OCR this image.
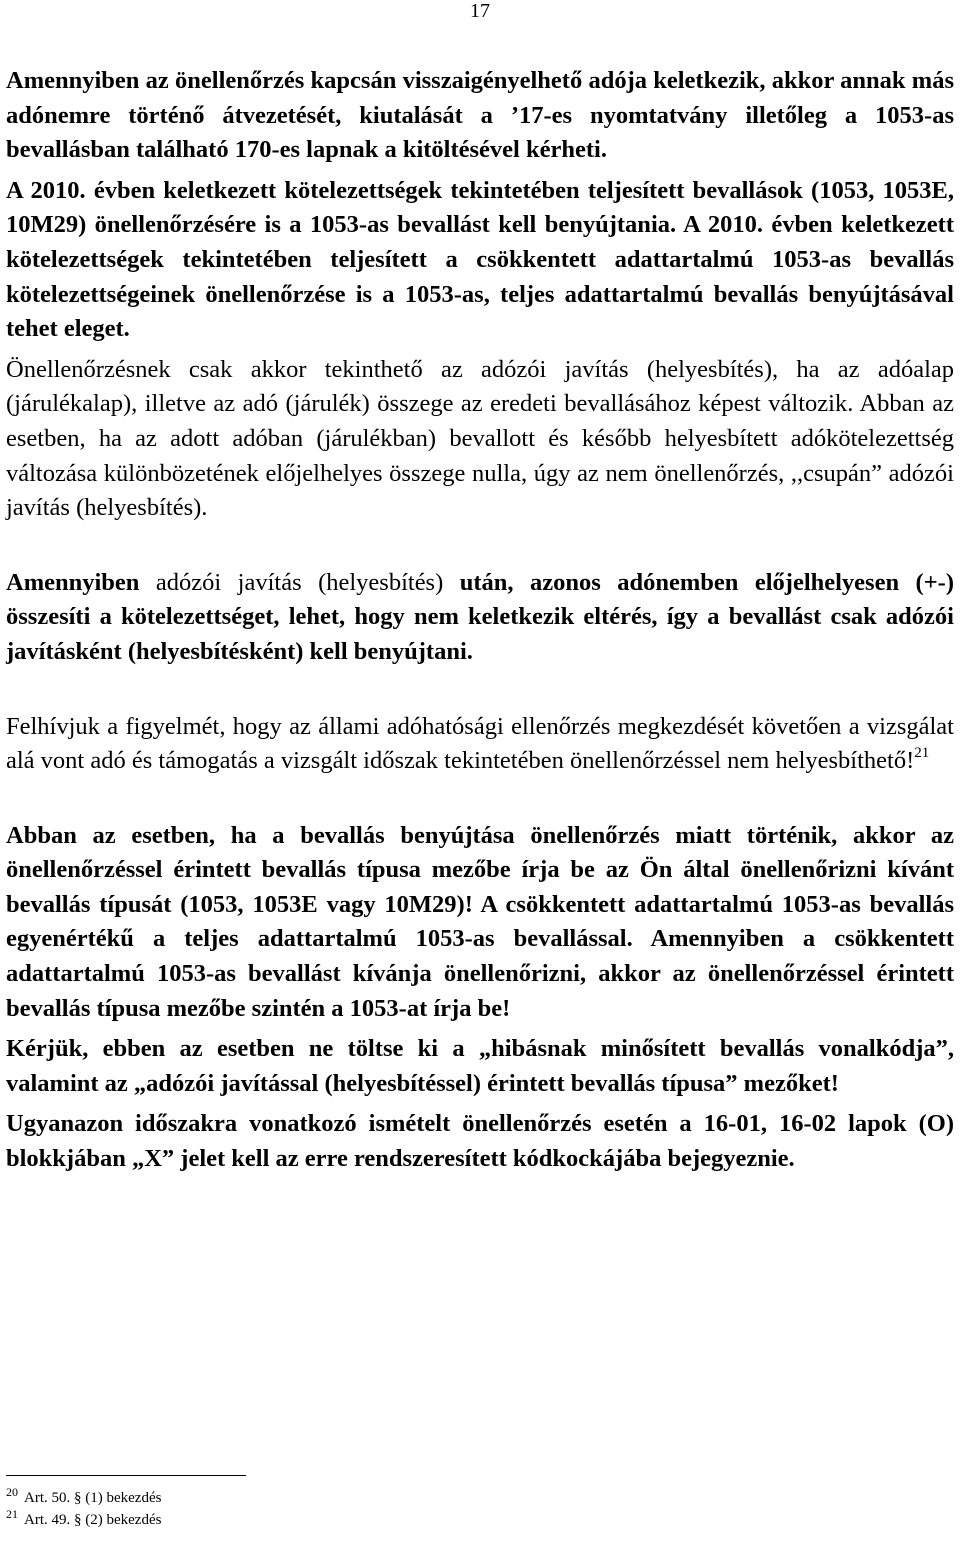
17

Amennyiben az önellenőrzés kapcsán visszaigényelhető adója keletkezik, akkor annak más adónemre történő átvezetését, kiutalását a ’17-es nyomtatvány illetőleg a 1053-as bevallásban található 170-es lapnak a kitöltésével kérheti.

A 2010. évben keletkezett kötelezettségek tekintetében teljesített bevallások (1053, 1053E, 10M29) önellenőrzésére is a 1053-as bevallást kell benyújtania. A 2010. évben keletkezett kötelezettségek tekintetében teljesített a csökkentett adattartalmú 1053-as bevallás kötelezettségeinek önellenőrzése is a 1053-as, teljes adattartalmú bevallás benyújtásával tehet eleget.

Önellenőrzésnek csak akkor tekinthető az adózói javítás (helyesbítés), ha az adóalap (járulékalap), illetve az adó (járulék) összege az eredeti bevallásához képest változik. Abban az esetben, ha az adott adóban (járulékban) bevallott és később helyesbített adókötelezettség változása különbözetének előjelhelyes összege nulla, úgy az nem önellenőrzés, ,,csupán” adózói javítás (helyesbítés).

Amennyiben adózói javítás (helyesbítés) után, azonos adónemben előjelhelyesen (+-) összesíti a kötelezettséget, lehet, hogy nem keletkezik eltérés, így a bevallást csak adózói javításként (helyesbítésként) kell benyújtani.

Felhívjuk a figyelmét, hogy az állami adóhatósági ellenőrzés megkezdését követően a vizsgálat alá vont adó és támogatás a vizsgált időszak tekintetében önellenőrzéssel nem helyesbíthető!$^{21}$

Abban az esetben, ha a bevallás benyújtása önellenőrzés miatt történik, akkor az önellenőrzéssel érintett bevallás típusa mezőbe írja be az Ön által önellenőrizni kívánt bevallás típusát (1053, 1053E vagy 10M29)! A csökkentett adattartalmú 1053-as bevallás egyenértékű a teljes adattartalmú 1053-as bevallással. Amennyiben a csökkentett adattartalmú 1053-as bevallást kívánja önellenőrizni, akkor az önellenőrzéssel érintett bevallás típusa mezőbe szintén a 1053-at írja be!

Kérjük, ebben az esetben ne töltse ki a „hibásnak minősített bevallás vonalkódja”, valamint az „adózói javítással (helyesbítéssel) érintett bevallás típusa” mezőket!

Ugyanazon időszakra vonatkozó ismételt önellenőrzés esetén a 16-01, 16-02 lapok (O) blokkjában „X” jelet kell az erre rendszeresített kódkockájába bejegyeznie.

$^{20}$ Art. 50. § (1) bekezdés
$^{21}$ Art. 49. § (2) bekezdés
